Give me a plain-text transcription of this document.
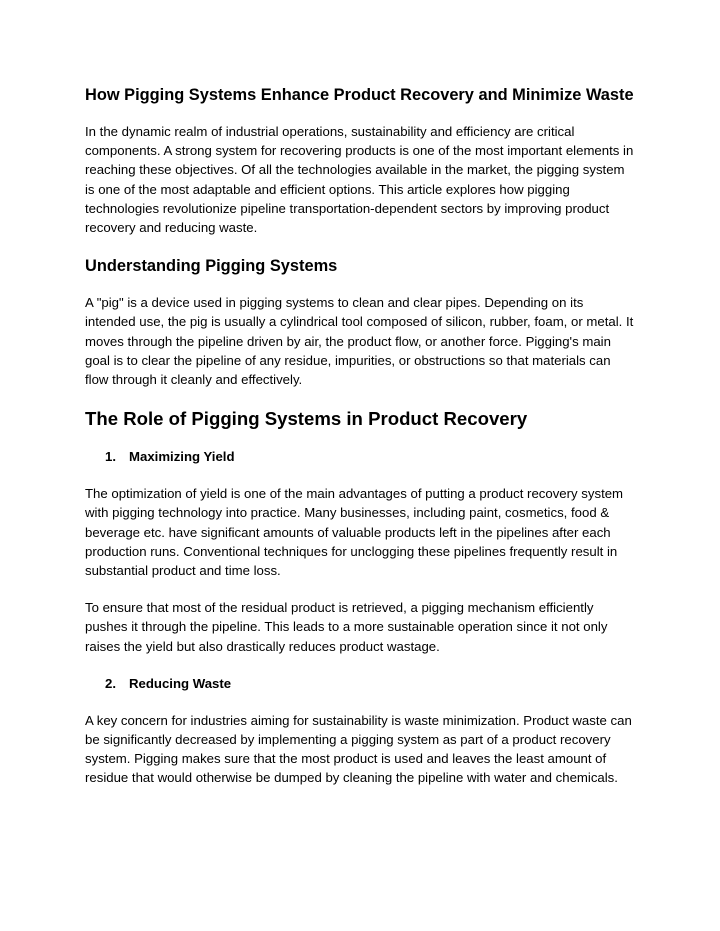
How Pigging Systems Enhance Product Recovery and Minimize Waste

In the dynamic realm of industrial operations, sustainability and efficiency are critical components. A strong system for recovering products is one of the most important elements in reaching these objectives. Of all the technologies available in the market, the pigging system is one of the most adaptable and efficient options. This article explores how pigging technologies revolutionize pipeline transportation-dependent sectors by improving product recovery and reducing waste.

Understanding Pigging Systems

A "pig" is a device used in pigging systems to clean and clear pipes. Depending on its intended use, the pig is usually a cylindrical tool composed of silicon, rubber, foam, or metal. It moves through the pipeline driven by air, the product flow, or another force. Pigging's main goal is to clear the pipeline of any residue, impurities, or obstructions so that materials can flow through it cleanly and effectively.

The Role of Pigging Systems in Product Recovery
1. Maximizing Yield

The optimization of yield is one of the main advantages of putting a product recovery system with pigging technology into practice. Many businesses, including paint, cosmetics, food & beverage etc. have significant amounts of valuable products left in the pipelines after each production runs. Conventional techniques for unclogging these pipelines frequently result in substantial product and time loss.

To ensure that most of the residual product is retrieved, a pigging mechanism efficiently pushes it through the pipeline. This leads to a more sustainable operation since it not only raises the yield but also drastically reduces product wastage.

2. Reducing Waste

A key concern for industries aiming for sustainability is waste minimization. Product waste can be significantly decreased by implementing a pigging system as part of a product recovery system. Pigging makes sure that the most product is used and leaves the least amount of residue that would otherwise be dumped by cleaning the pipeline with water and chemicals.
